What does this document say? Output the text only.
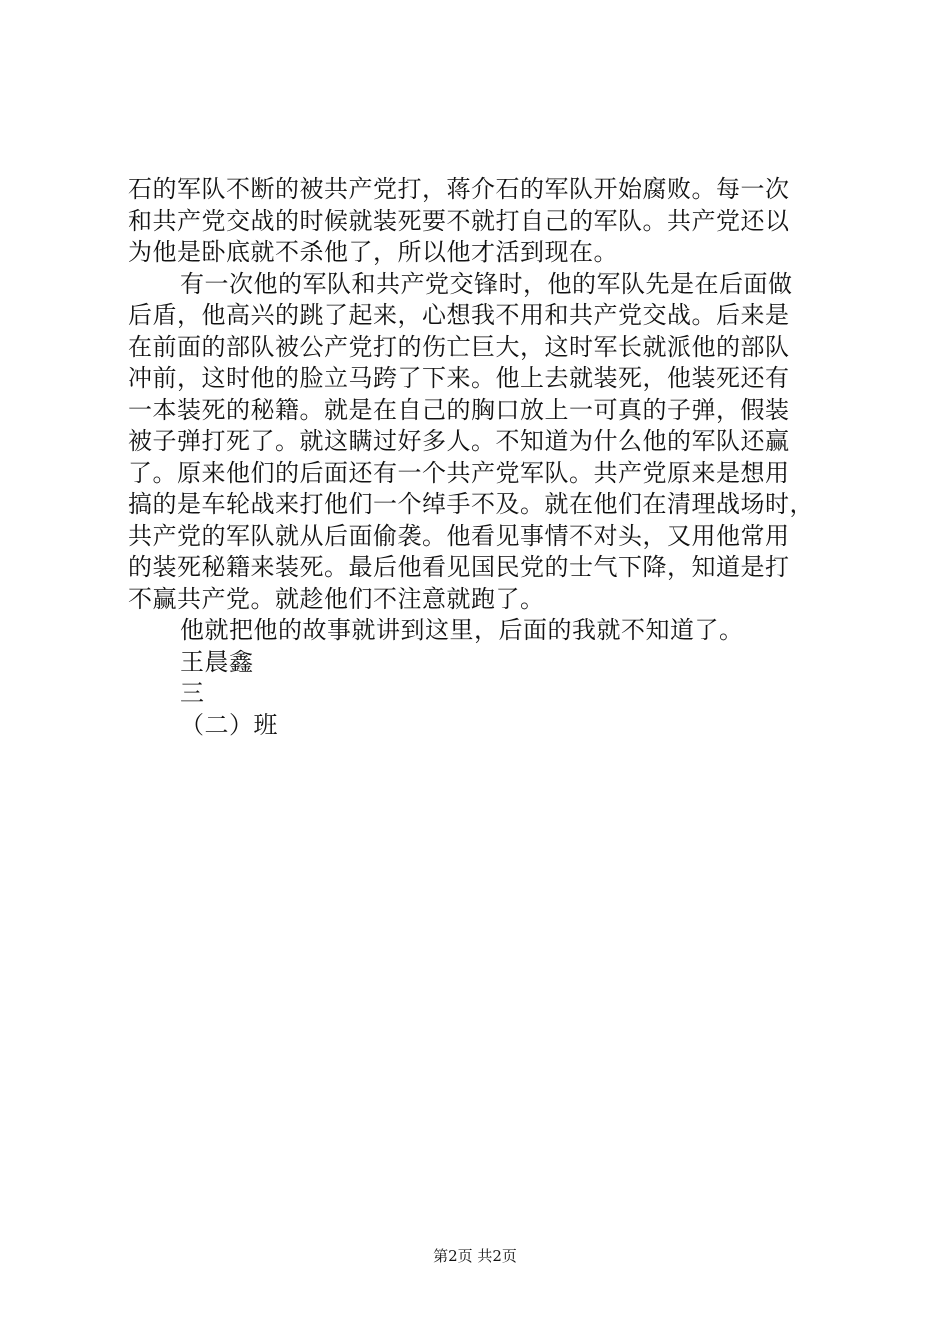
石的军队不断的被共产党打，蒋介石的军队开始腐败。每一次
和共产党交战的时候就装死要不就打自己的军队。共产党还以
为他是卧底就不杀他了，所以他才活到现在。
有一次他的军队和共产党交锋时，他的军队先是在后面做
后盾，他高兴的跳了起来，心想我不用和共产党交战。后来是
在前面的部队被公产党打的伤亡巨大，这时军长就派他的部队
冲前，这时他的脸立马跨了下来。他上去就装死，他装死还有
一本装死的秘籍。就是在自己的胸口放上一可真的子弹，假装
被子弹打死了。就这瞒过好多人。不知道为什么他的军队还赢
了。原来他们的后面还有一个共产党军队。共产党原来是想用
搞的是车轮战来打他们一个绰手不及。就在他们在清理战场时，
共产党的军队就从后面偷袭。他看见事情不对头，又用他常用
的装死秘籍来装死。最后他看见国民党的士气下降，知道是打
不赢共产党。就趁他们不注意就跑了。
他就把他的故事就讲到这里，后面的我就不知道了。
王晨鑫
三
（二）班
第2页 共2页
